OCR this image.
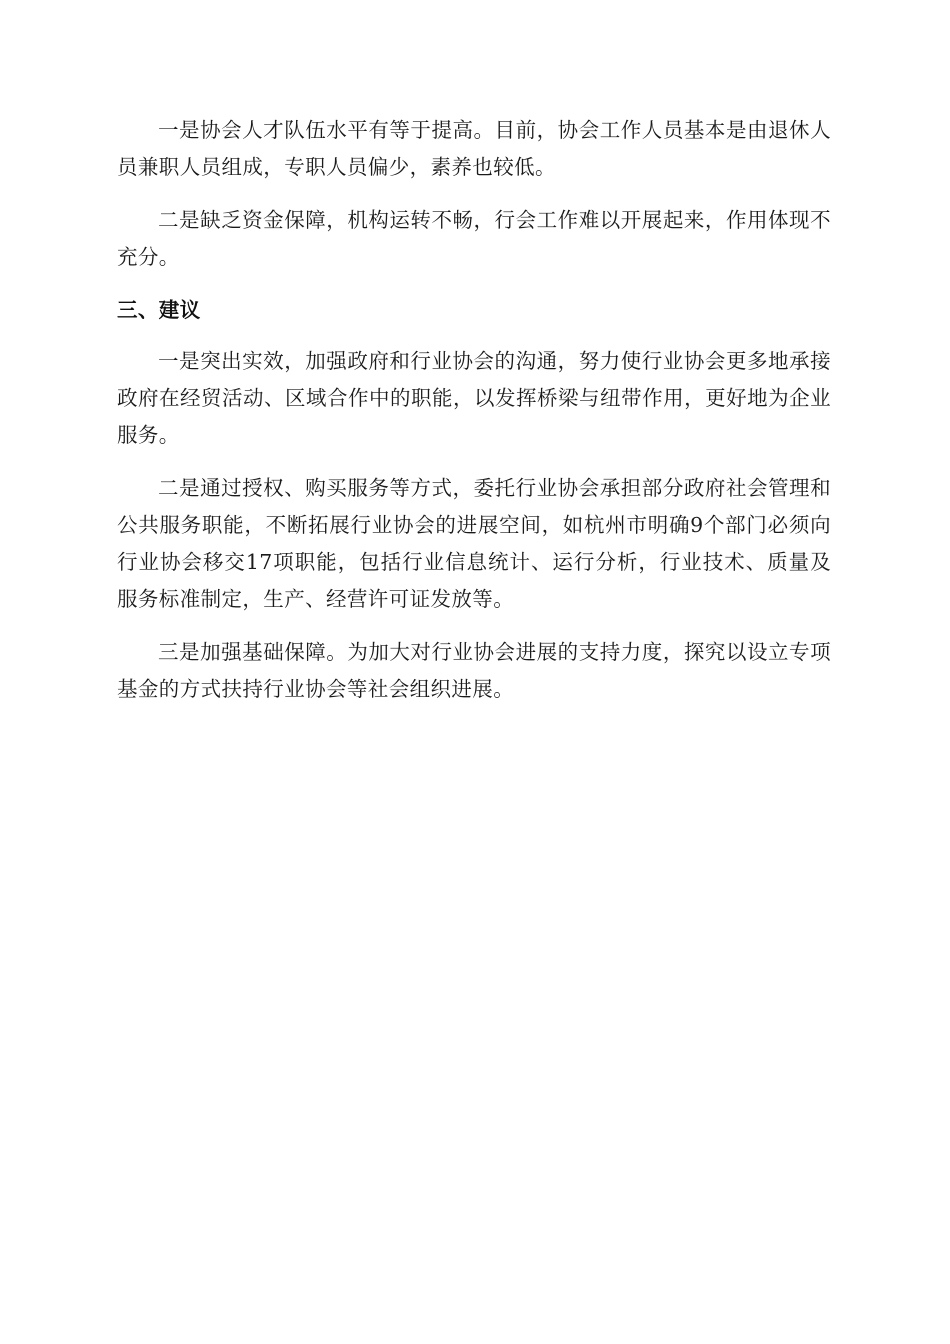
一是协会人才队伍水平有等于提高。目前，协会工作人员基本是由退休人员兼职人员组成，专职人员偏少，素养也较低。

二是缺乏资金保障，机构运转不畅，行会工作难以开展起来，作用体现不充分。

三、建议

一是突出实效，加强政府和行业协会的沟通，努力使行业协会更多地承接政府在经贸活动、区域合作中的职能，以发挥桥梁与纽带作用，更好地为企业服务。

二是通过授权、购买服务等方式，委托行业协会承担部分政府社会管理和公共服务职能，不断拓展行业协会的进展空间，如杭州市明确9个部门必须向行业协会移交17项职能，包括行业信息统计、运行分析，行业技术、质量及服务标准制定，生产、经营许可证发放等。

三是加强基础保障。为加大对行业协会进展的支持力度，探究以设立专项基金的方式扶持行业协会等社会组织进展。
